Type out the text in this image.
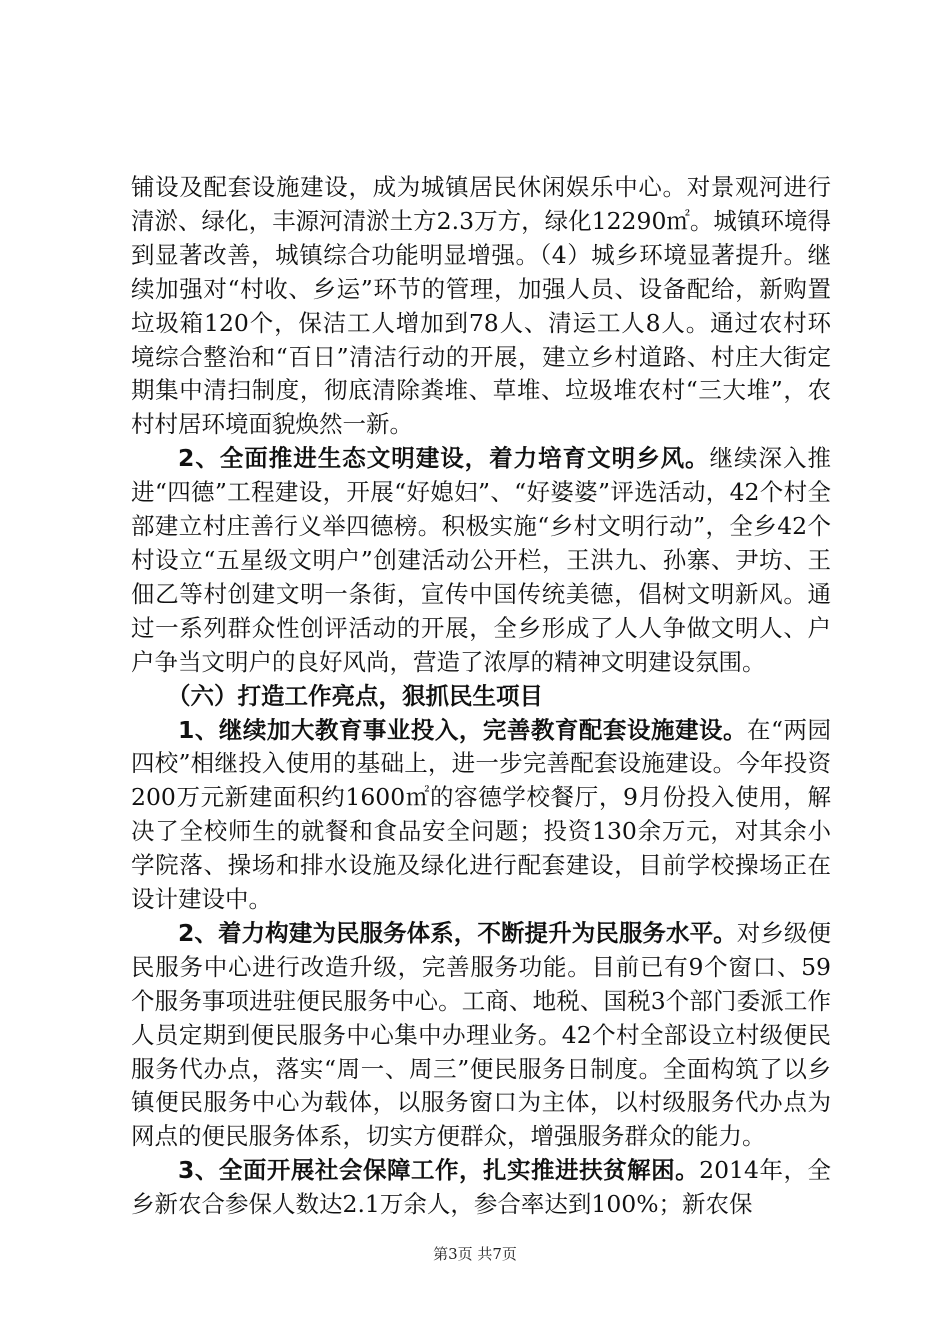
铺设及配套设施建设，成为城镇居民休闲娱乐中心。对景观河进行清淤、绿化，丰源河清淤土方2.3万方，绿化12290㎡。城镇环境得到显著改善，城镇综合功能明显增强。（4）城乡环境显著提升。继续加强对“村收、乡运”环节的管理，加强人员、设备配给，新购置垃圾箱120个，保洁工人增加到78人、清运工人8人。通过农村环境综合整治和“百日”清洁行动的开展，建立乡村道路、村庄大街定期集中清扫制度，彻底清除粪堆、草堆、垃圾堆农村“三大堆”，农村村居环境面貌焕然一新。

2、全面推进生态文明建设，着力培育文明乡风。继续深入推进“四德”工程建设，开展“好媳妇”、“好婆婆”评选活动，42个村全部建立村庄善行义举四德榜。积极实施“乡村文明行动”，全乡42个村设立“五星级文明户”创建活动公开栏，王洪九、孙寨、尹坊、王佃乙等村创建文明一条街，宣传中国传统美德，倡树文明新风。通过一系列群众性创评活动的开展，全乡形成了人人争做文明人、户户争当文明户的良好风尚，营造了浓厚的精神文明建设氛围。

（六）打造工作亮点，狠抓民生项目

1、继续加大教育事业投入，完善教育配套设施建设。在“两园四校”相继投入使用的基础上，进一步完善配套设施建设。今年投资200万元新建面积约1600㎡的容德学校餐厅，9月份投入使用，解决了全校师生的就餐和食品安全问题；投资130余万元，对其余小学院落、操场和排水设施及绿化进行配套建设，目前学校操场正在设计建设中。

2、着力构建为民服务体系，不断提升为民服务水平。对乡级便民服务中心进行改造升级，完善服务功能。目前已有9个窗口、59个服务事项进驻便民服务中心。工商、地税、国税3个部门委派工作人员定期到便民服务中心集中办理业务。42个村全部设立村级便民服务代办点，落实“周一、周三”便民服务日制度。全面构筑了以乡镇便民服务中心为载体，以服务窗口为主体，以村级服务代办点为网点的便民服务体系，切实方便群众，增强服务群众的能力。

3、全面开展社会保障工作，扎实推进扶贫解困。2014年，全乡新农合参保人数达2.1万余人，参合率达到100%；新农保

第3页 共7页
